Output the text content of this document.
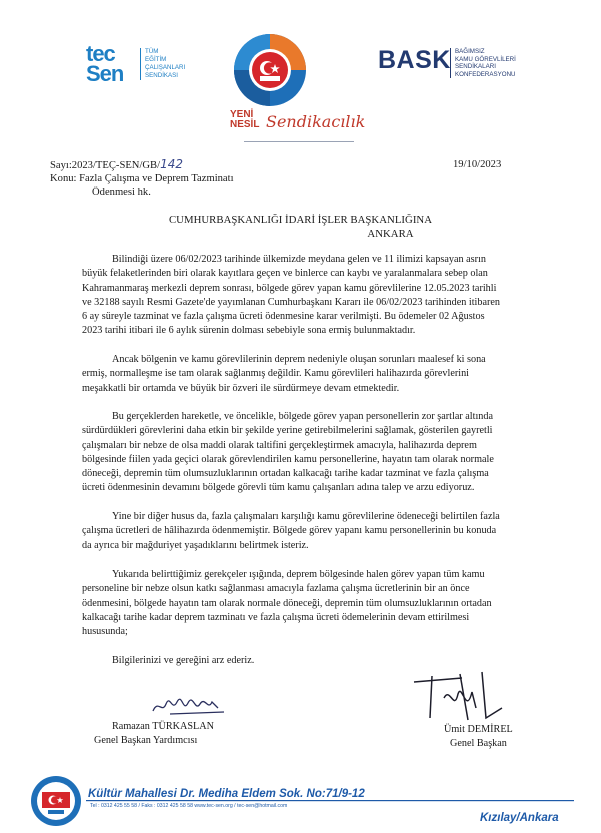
tec
Sen
TÜM
EĞİTİM
ÇALIŞANLARI
SENDİKASI
BASK BAĞIMSIZ
KAMU GÖREVLİLERİ
SENDİKALARI
KONFEDERASYONU
YENİ
NESİL Sendikacılık
Sayı:2023/TEÇ-SEN/GB/142	19/10/2023
Konu: Fazla Çalışma ve Deprem Tazminatı
Ödenmesi hk.
CUMHURBAŞKANLIĞI İDARİ İŞLER BAŞKANLIĞINA
ANKARA
Bilindiği üzere 06/02/2023 tarihinde ülkemizde meydana gelen ve 11 ilimizi kapsayan asrın
büyük felaketlerinden biri olarak kayıtlara geçen ve binlerce can kaybı ve yaralanmalara sebep olan
Kahramanmaraş merkezli deprem sonrası, bölgede görev yapan kamu görevlilerine 12.05.2023 tarihli
ve 32188 sayılı Resmi Gazete'de yayımlanan Cumhurbaşkanı Kararı ile 06/02/2023 tarihinden itibaren
6 ay süreyle tazminat ve fazla çalışma ücreti ödenmesine karar verilmişti. Bu ödemeler 02 Ağustos
2023 tarihi itibari ile 6 aylık sürenin dolması sebebiyle sona ermiş bulunmaktadır.
Ancak bölgenin ve kamu görevlilerinin deprem nedeniyle oluşan sorunları maalesef ki sona
ermiş, normalleşme ise tam olarak sağlanmış değildir. Kamu görevlileri halihazırda görevlerini
meşakkatli bir ortamda ve büyük bir özveri ile sürdürmeye devam etmektedir.
Bu gerçeklerden hareketle, ve öncelikle, bölgede görev yapan personellerin zor şartlar altında
sürdürdükleri görevlerini daha etkin bir şekilde yerine getirebilmelerini sağlamak, gösterilen gayretli
çalışmaları bir nebze de olsa maddi olarak taltifini gerçekleştirmek amacıyla, halihazırda deprem
bölgesinde fiilen yada geçici olarak görevlendirilen kamu personellerine, hayatın tam olarak normale
döneceği, depremin tüm olumsuzluklarının ortadan kalkacağı tarihe kadar tazminat ve fazla çalışma
ücreti ödenmesinin devamını bölgede görevli tüm kamu çalışanları adına talep ve arzu ediyoruz.
Yine bir diğer husus da, fazla çalışmaları karşılığı kamu görevlilerine ödeneceği belirtilen fazla
çalışma ücretleri de hâlihazırda ödenmemiştir. Bölgede görev yapanı kamu personellerinin bu konuda
da ayrıca bir mağduriyet yaşadıklarını belirtmek isteriz.
Yukarıda belirttiğimiz gerekçeler ışığında, deprem bölgesinde halen görev yapan tüm kamu
personeline bir nebze olsun katkı sağlanması amacıyla fazlama çalışma ücretlerinin bir an önce
ödenmesini, bölgede hayatın tam olarak normale döneceği, depremin tüm olumsuzluklarının ortadan
kalkacağı tarihe kadar deprem tazminatı ve fazla çalışma ücreti ödemelerinin devam ettirilmesi
hususunda;
Bilgilerinizi ve gereğini arz ederiz.
Ramazan TÜRKASLAN
Genel Başkan Yardımcısı
Ümit DEMİREL
Genel Başkan
Kültür Mahallesi Dr. Mediha Eldem Sok. No:71/9-12
Tel : 0312 425 55 58 / Faks : 0312 425 58 58 www.tec-sen.org / tec-sen@hotmail.com
Kızılay/Ankara
